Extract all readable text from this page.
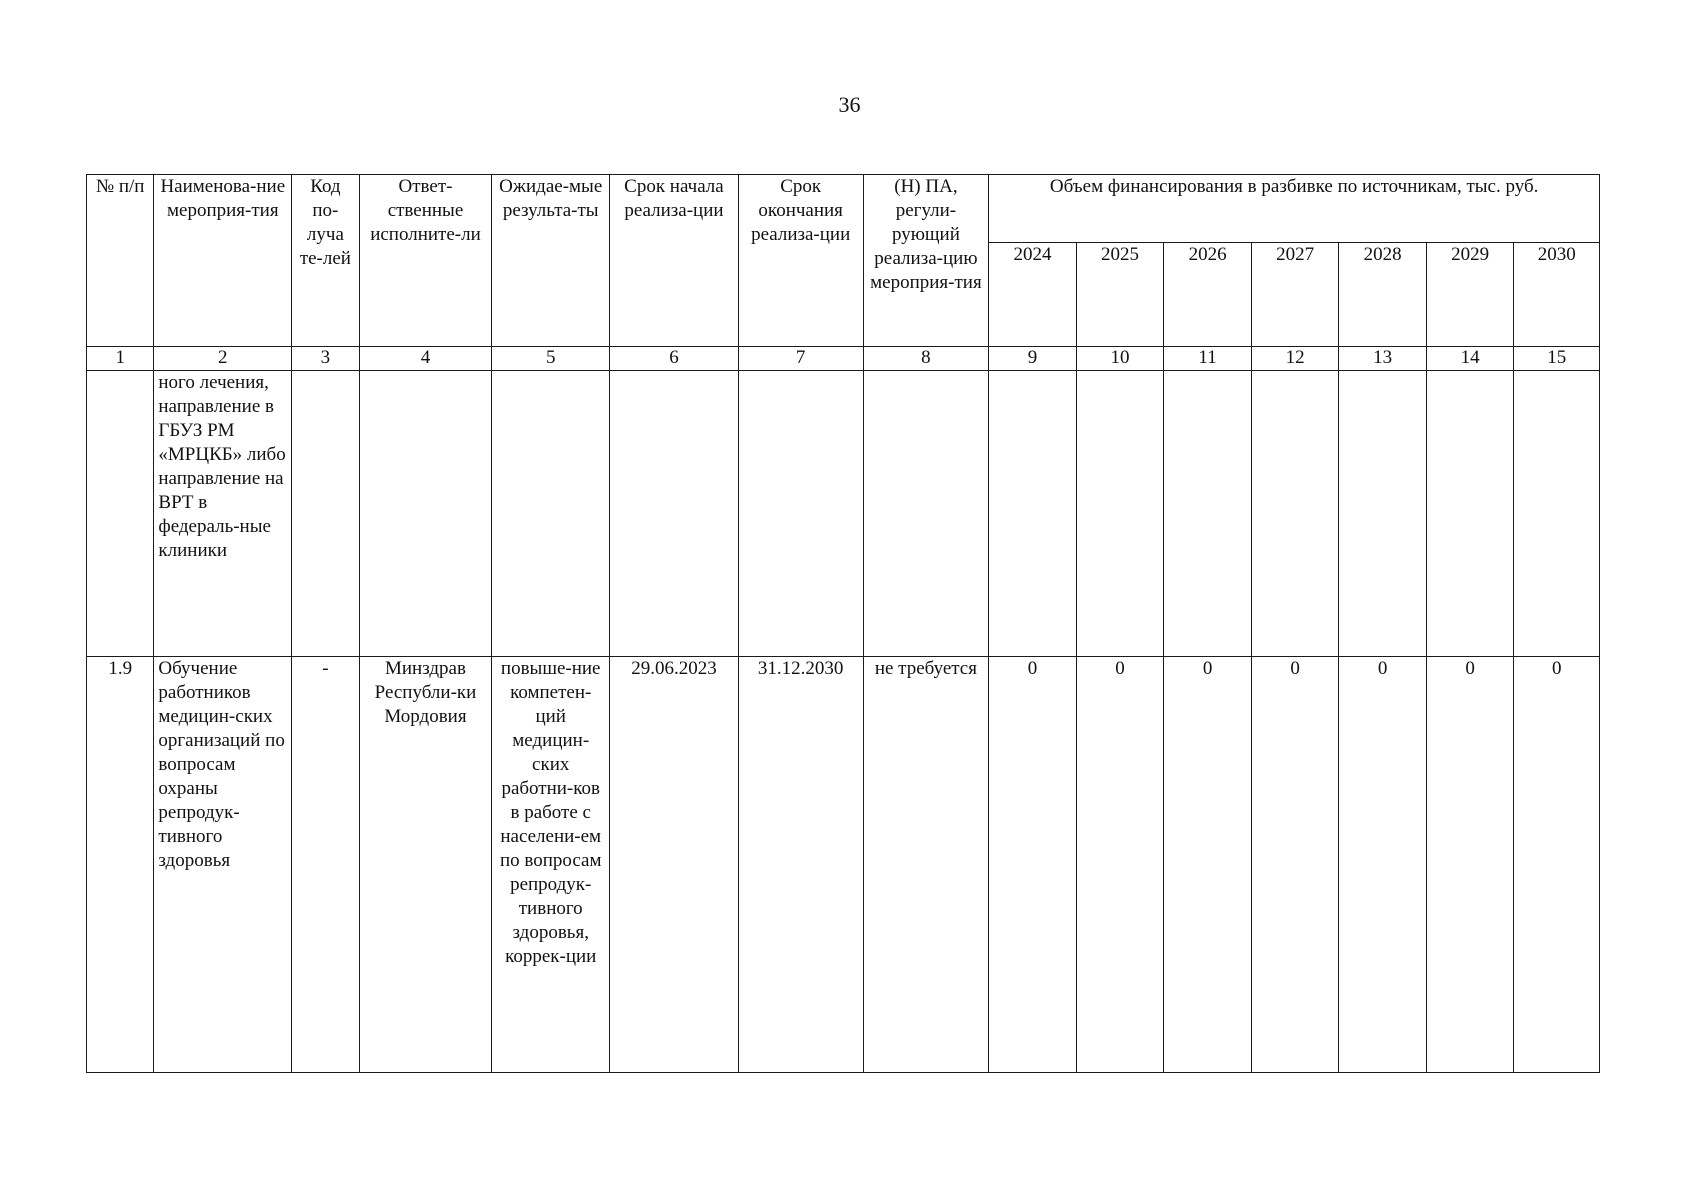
36
№ п/п	Наименова-ние мероприя-тия	Код по-луча те-лей	Ответ-ственные исполните-ли	Ожидае-мые результа-ты	Срок начала реализа-ции	Срок окончания реализа-ции	(Н) ПА, регули-рующий реализа-цию мероприя-тия	Объем финансирования в разбивке по источникам, тыс. руб.						
								2024	2025	2026	2027	2028	2029	2030
1	2	3	4	5	6	7	8	9	10	11	12	13	14	15
	ного лечения, направление в ГБУЗ РМ «МРЦКБ» либо направление на ВРТ в федераль-ные клиники													
1.9	Обучение работников медицин-ских организаций по вопросам охраны репродук-тивного здоровья	-	Минздрав Республи-ки Мордовия	повыше-ние компетен-ций медицин-ских работни-ков в работе с населени-ем по вопросам репродук-тивного здоровья, коррек-ции	29.06.2023	31.12.2030	не требуется	0	0	0	0	0	0	0
